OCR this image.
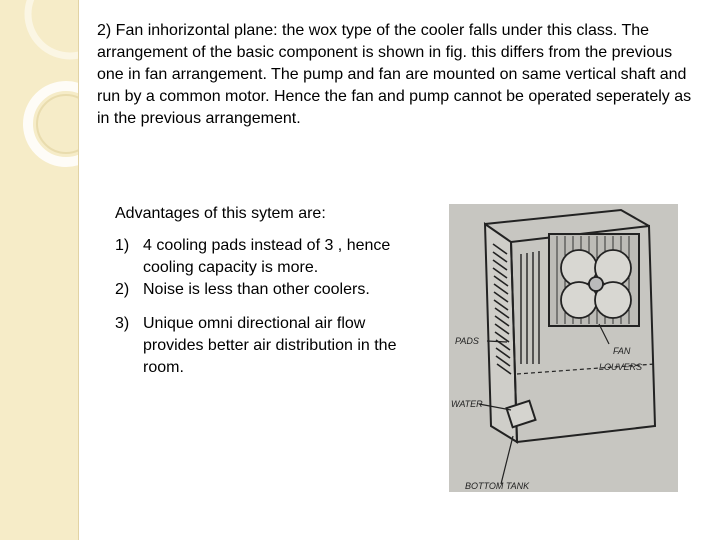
2) Fan inhorizontal plane: the wox type of the cooler falls under this class. The arrangement of the basic component is shown in fig. this differs from the previous one in fan arrangement. The pump and fan are mounted on same vertical shaft and run by a common motor. Hence the fan and pump cannot be operated seperately as in the previous arrangement.

Advantages of this sytem are:

1) 4 cooling pads instead of 3 , hence cooling capacity is more.
2) Noise is less than other coolers.
3) Unique omni directional air flow provides better air distribution in the room.
PADS
FAN
LOUVERS
WATER
BOTTOM TANK
